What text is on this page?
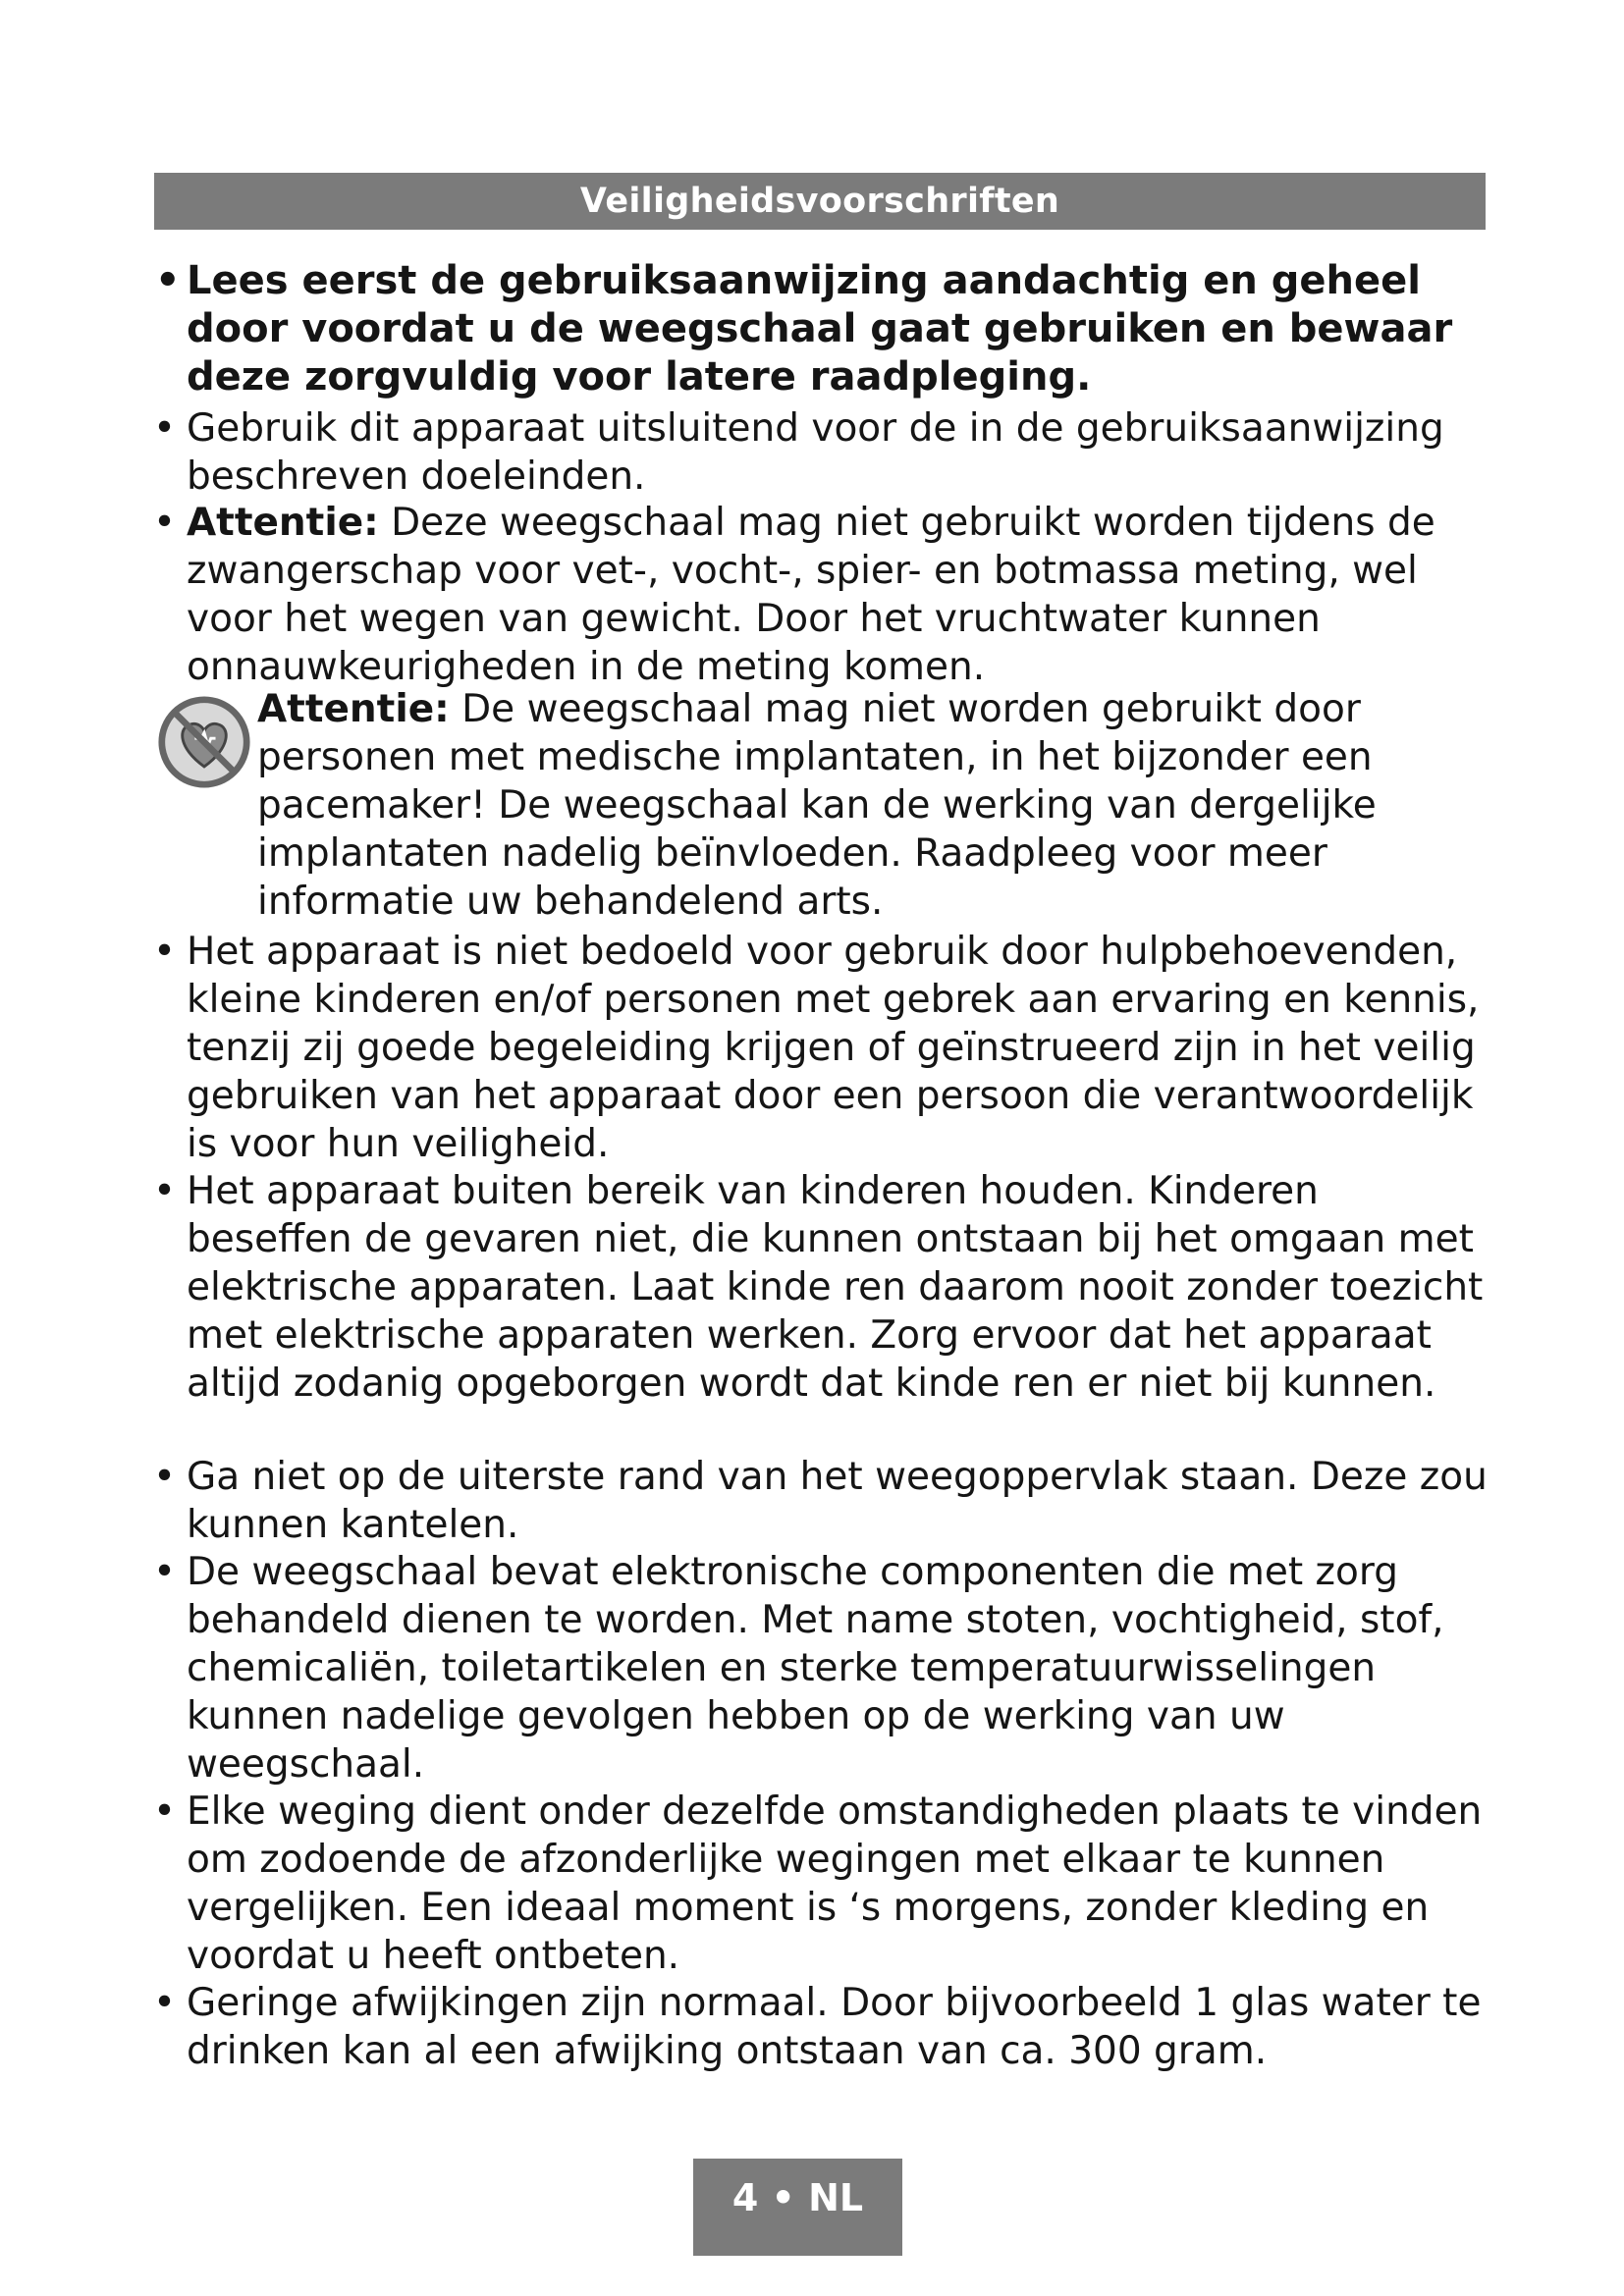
Veiligheidsvoorschriften
• Lees eerst de gebruiksaanwijzing aandachtig en geheel door voordat u de weegschaal gaat gebruiken en bewaar deze zorgvuldig voor latere raadpleging.
• Gebruik dit apparaat uitsluitend voor de in de gebruiksaanwijzing beschreven doeleinden.
• Attentie: Deze weegschaal mag niet gebruikt worden tijdens de zwangerschap voor vet-, vocht-, spier- en botmassa meting, wel voor het wegen van gewicht. Door het vruchtwater kunnen onnauwkeurigheden in de meting komen.
Attentie: De weegschaal mag niet worden gebruikt door personen met medische implantaten, in het bijzonder een pacemaker! De weegschaal kan de werking van dergelijke implantaten nadelig beïnvloeden. Raadpleeg voor meer informatie uw behandelend arts.
• Het apparaat is niet bedoeld voor gebruik door hulpbehoevenden, kleine kinderen en/of personen met gebrek aan ervaring en kennis, tenzij zij goede begeleiding krijgen of geïnstrueerd zijn in het veilig gebruiken van het apparaat door een persoon die verantwoordelijk is voor hun veiligheid.
• Het apparaat buiten bereik van kinderen houden. Kinderen beseffen de gevaren niet, die kunnen ontstaan bij het omgaan met elektrische apparaten. Laat kinde ren daarom nooit zonder toezicht met elektrische apparaten werken. Zorg ervoor dat het apparaat altijd zodanig opgeborgen wordt dat kinde ren er niet bij kunnen.
• Ga niet op de uiterste rand van het weegoppervlak staan. Deze zou kunnen kantelen.
• De weegschaal bevat elektronische componenten die met zorg behandeld dienen te worden. Met name stoten, vochtigheid, stof, chemicaliën, toiletartikelen en sterke temperatuurwisselingen kunnen nadelige gevolgen hebben op de werking van uw weegschaal.
• Elke weging dient onder dezelfde omstandigheden plaats te vinden om zodoende de afzonderlijke wegingen met elkaar te kunnen vergelijken. Een ideaal moment is ‘s morgens, zonder kleding en voordat u heeft ontbeten.
• Geringe afwijkingen zijn normaal. Door bijvoorbeeld 1 glas water te drinken kan al een afwijking ontstaan van ca. 300 gram.
4 • NL
